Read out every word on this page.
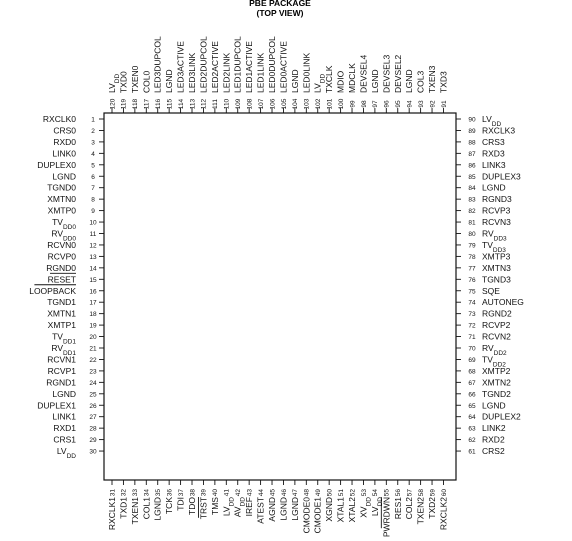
PBE PACKAGE
(TOP VIEW)
RXCLK0 1
CRS0 2
RXD0 3
LINK0 4
DUPLEX0 5
LGND 6
TGND0 7
XMTN0 8
XMTP0 9
$TV_{DD0}$
10
$RV_{DD0}$
11
RCVN0 12
RCVP0 13
RGND0 14
RESET 15
LOOPBACK 16
TGND1 17
XMTN1 18
XMTP1 19
$TV_{DD1}$
20
$RV_{DD1}$
21
RCVN1 22
RCVP1 23
RGND1 24
LGND 25
DUPLEX1 26
LINK1 27
RXD1 28
CRS1 29
$LV_{DD}$
30
90 $LV_{DD}$
89 RXCLK3
88 CRS3
87 RXD3
86 LINK3
85 DUPLEX3
84 LGND
83 RGND3
82 RCVP3
81 RCVN3
80 $RV_{DD3}$
79 $TV_{DD3}$
78 XMTP3
77 XMTN3
76 TGND3
75 SQE
74 AUTONEG
73 RGND2
72 RCVP2
71 RCVN2
70 $RV_{DD2}$
69 $TV_{DD2}$
68 XMTP2
67 XMTN2
66 TGND2
65 LGND
64 DUPLEX2
63 LINK2
62 RXD2
61 CRS2
120
$LV_{DD}$
119
TXD0
118
TXEN0
117
COL0
116
LED3DUPCOL
115
LGND
114
LED3ACTIVE
113
LED3LINK
112
LED2DUPCOL
111
LED2ACTIVE
110
LED2LINK
109
LED1DUPCOL
108
LED1ACTIVE
107
LED1LINK
106
LED0DUPCOL
105
LED0ACTIVE
104
LGND
103
LED0LINK
102
$LV_{DD}$
101
TXCLK
100
MDIO
99
MDCLK
98
DEVSEL4
97
LGND
96
DEVSEL3
95
DEVSEL2
94
LGND
93
COL3
92
TXEN3
91
TXD3
31
RXCLK1
32
TXD1
33
TXEN1
34
COL1
35
LGND
36
TCK
37
TDI
38
TDO
39
TRST
40
TMS
41
$LV_{DD}$
42
$AV_{DD}$
43
IREF
44
ATEST
45
AGND
46
LGND
47
LGND
48
CMODE0
49
CMODE1
50
XGND
51
XTAL1
52
XTAL2
53
$XV_{DD}$
54
$LV_{DD}$
55
PWRDWN
56
RES1
57
COL2
58
TXEN2
59
TXD2
60
RXCLK2
